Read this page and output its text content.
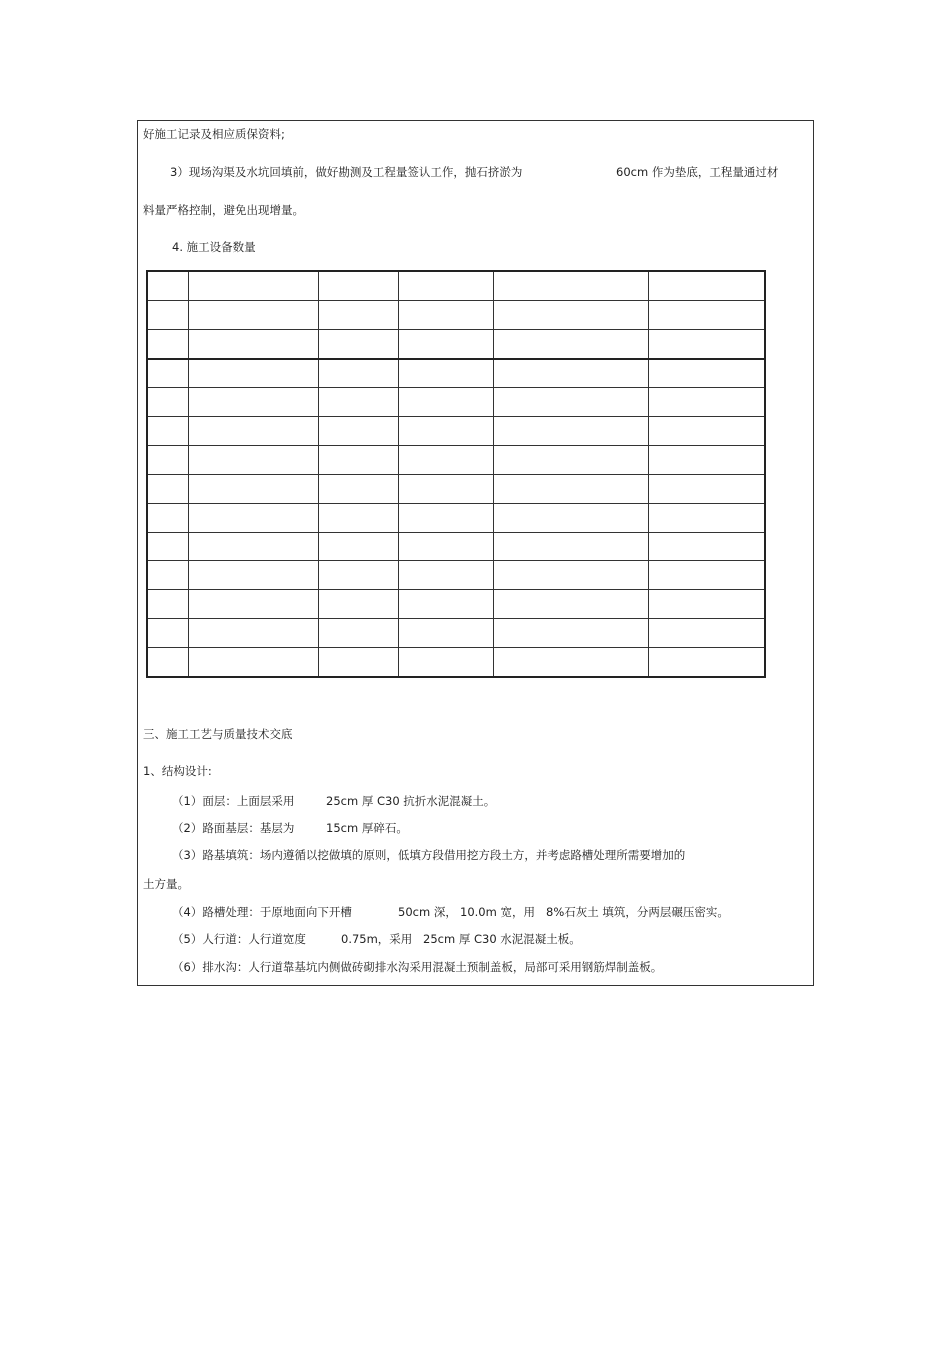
好施工记录及相应质保资料;
3）现场沟渠及水坑回填前，做好勘测及工程量签认工作，抛石挤淤为	60cm 作为垫底，工程量通过材
料量严格控制，避免出现增量。
4. 施工设备数量

三、施工工艺与质量技术交底
1、结构设计:
（1）面层：上面层采用	25cm 厚 C30 抗折水泥混凝土。
（2）路面基层：基层为	15cm 厚碎石。
（3）路基填筑：场内遵循以挖做填的原则，低填方段借用挖方段土方，并考虑路槽处理所需要增加的
土方量。
（4）路槽处理：于原地面向下开槽	50cm 深， 10.0m 宽，用 8%石灰土 填筑，分两层碾压密实。
（5）人行道：人行道宽度	0.75m，采用 25cm 厚 C30 水泥混凝土板。
（6）排水沟：人行道靠基坑内侧做砖砌排水沟采用混凝土预制盖板，局部可采用钢筋焊制盖板。
